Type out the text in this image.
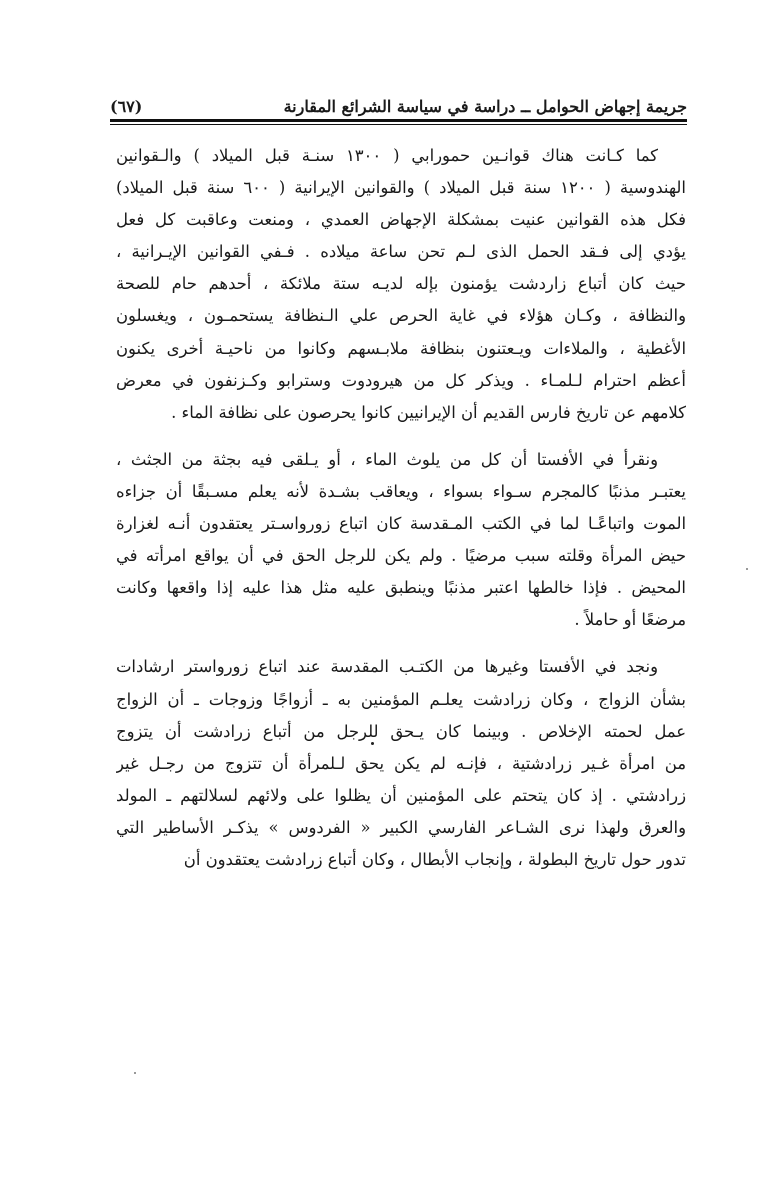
جريمة إجهاض الحوامل ــ دراسة في سياسة الشرائع المقارنة
(٦٧)
كما كـانت هناك قوانـين حمورابي ( ١٣٠٠ سنـة قبل الميلاد ) والـقوانين
الهندوسية ( ١٢٠٠ سنة قبل الميلاد ) والقوانين الإيرانية ( ٦٠٠ سنة قبل الميلاد)
فكل هذه القوانين عنيت بمشكلة الإجهاض العمدي ، ومنعت وعاقبت كل فعل
يؤدي إلى فـقد الحمل الذى لـم تحن ساعة ميلاده . فـفي القوانين الإيـرانية ،
حيث كان أتباع زاردشت يؤمنون بإله لديـه ستة ملائكة ، أحدهم حام للصحة
والنظافة ، وكـان هؤلاء في غاية الحرص علي الـنظافة يستحمـون ، ويغسلون
الأغطية ، والملاءات ويـعتنون بنظافة ملابـسهم وكانوا من ناحيـة أخرى يكنون
أعظم احترام لـلمـاء . ويذكر كل من هيرودوت وسترابو وكـزنفون في معرض
كلامهم عن تاريخ فارس القديم أن الإيرانيين كانوا يحرصون على نظافة الماء .
ونقرأ في الأفستا أن كل من يلوث الماء ، أو يـلقى فيه بجثة من الجثث ،
يعتبـر مذنبًا كالمجرم سـواء بسواء ، ويعاقب بشـدة لأنه يعلم مسـبقًا أن جزاءه
الموت واتباعًـا لما في الكتب المـقدسة كان اتباع زورواسـتر يعتقدون أنـه لغزارة
حيض المرأة وقلته سبب مرضيًا . ولم يكن للرجل الحق في أن يواقع امرأته في
المحيض . فإذا خالطها اعتبر مذنبًا وينطبق عليه مثل هذا عليه إذا واقعها وكانت
مرضعًا أو حاملاً .
ونجد في الأفستا وغيرها من الكتـب المقدسة عند اتباع زورواستر ارشادات
بشأن الزواج ، وكان زرادشت يعلـم المؤمنين به ـ أزواجًا وزوجات ـ أن الزواج
عمل لحمته الإخلاص . وبينما كان يـحق للرجل من أتباع زرادشت أن يتزوج
من امرأة غـير زرادشتية ، فإنـه لم يكن يحق لـلمرأة أن تتزوج من رجـل غير
زرادشتي . إذ كان يتحتم على المؤمنين أن يظلوا على ولائهم لسلالتهم ـ المولد
والعرق ولهذا نرى الشـاعر الفارسي الكبير « الفردوس » يذكـر الأساطير التي
تدور حول تاريخ البطولة ، وإنجاب الأبطال ، وكان أتباع زرادشت يعتقدون أن
